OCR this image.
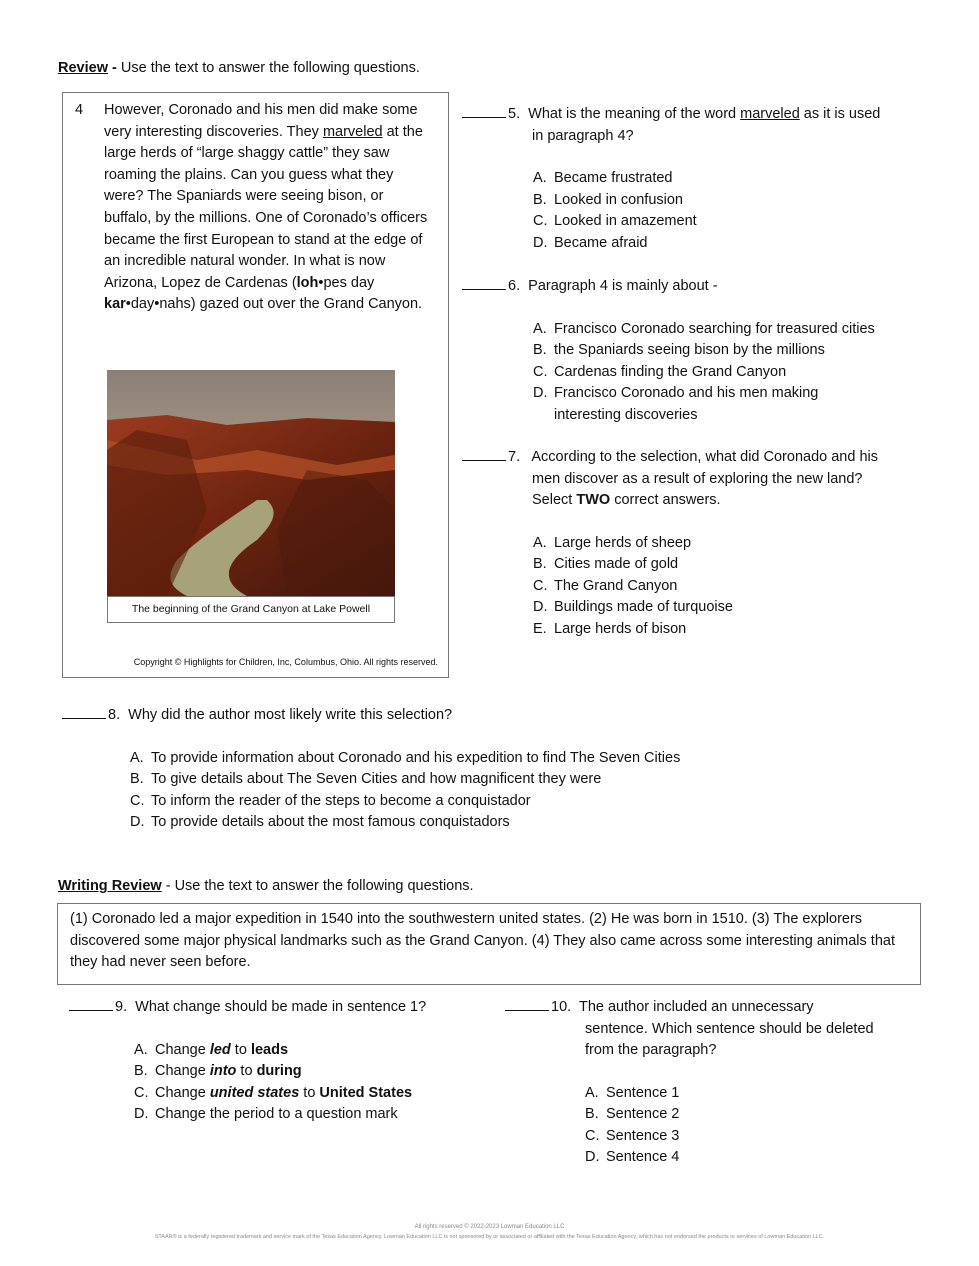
Review - Use the text to answer the following questions.
4 However, Coronado and his men did make some very interesting discoveries. They marveled at the large herds of “large shaggy cattle” they saw roaming the plains. Can you guess what they were? The Spaniards were seeing bison, or buffalo, by the millions. One of Coronado’s officers became the first European to stand at the edge of an incredible natural wonder. In what is now Arizona, Lopez de Cardenas (loh•pes day kar•day•nahs) gazed out over the Grand Canyon.
The beginning of the Grand Canyon at Lake Powell
Copyright © Highlights for Children, Inc, Columbus, Ohio. All rights reserved.
5. What is the meaning of the word marveled as it is used
in paragraph 4?
A. Became frustrated
B. Looked in confusion
C. Looked in amazement
D. Became afraid
6. Paragraph 4 is mainly about -
A. Francisco Coronado searching for treasured cities
B. the Spaniards seeing bison by the millions
C. Cardenas finding the Grand Canyon
D. Francisco Coronado and his men making
interesting discoveries
7. According to the selection, what did Coronado and his
men discover as a result of exploring the new land?
Select TWO correct answers.
A. Large herds of sheep
B. Cities made of gold
C. The Grand Canyon
D. Buildings made of turquoise
E. Large herds of bison
8. Why did the author most likely write this selection?
A. To provide information about Coronado and his expedition to find The Seven Cities
B. To give details about The Seven Cities and how magnificent they were
C. To inform the reader of the steps to become a conquistador
D. To provide details about the most famous conquistadors
Writing Review - Use the text to answer the following questions.
(1) Coronado led a major expedition in 1540 into the southwestern united states. (2) He was born in 1510. (3) The explorers discovered some major physical landmarks such as the Grand Canyon. (4) They also came across some interesting animals that they had never seen before.
9. What change should be made in sentence 1?
A. Change led to leads
B. Change into to during
C. Change united states to United States
D. Change the period to a question mark
10. The author included an unnecessary
sentence. Which sentence should be deleted
from the paragraph?
A. Sentence 1
B. Sentence 2
C. Sentence 3
D. Sentence 4
All rights reserved © 2022-2023 Lowman Education LLC
STAAR® is a federally registered trademark and service mark of the Texas Education Agency. Lowman Education LLC is not sponsored by or associated or affiliated with the Texas Education Agency, which has not endorsed the products or services of Lowman Education LLC.
